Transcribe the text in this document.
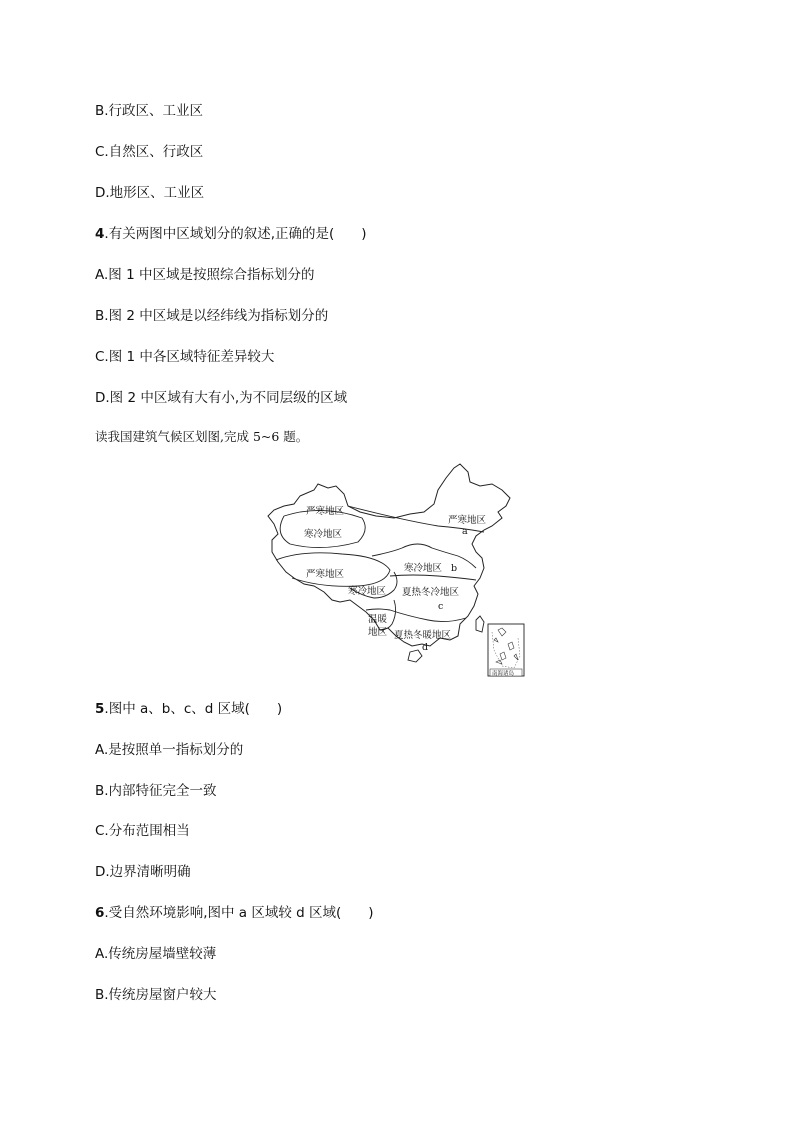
B.行政区、工业区
C.自然区、行政区
D.地形区、工业区
4.有关两图中区域划分的叙述,正确的是(　　)
A.图 1 中区域是按照综合指标划分的
B.图 2 中区域是以经纬线为指标划分的
C.图 1 中各区域特征差异较大
D.图 2 中区域有大有小,为不同层级的区域
读我国建筑气候区划图,完成 5~6 题。
严寒地区
严寒地区
a
寒冷地区
严寒地区
寒冷地区 b
寒冷地区 夏热冬冷地区
c
温暖
地区 夏热冬暖地区
d
南海诸岛
5.图中 a、b、c、d 区域(　　)
A.是按照单一指标划分的
B.内部特征完全一致
C.分布范围相当
D.边界清晰明确
6.受自然环境影响,图中 a 区域较 d 区域(　　)
A.传统房屋墙壁较薄
B.传统房屋窗户较大
